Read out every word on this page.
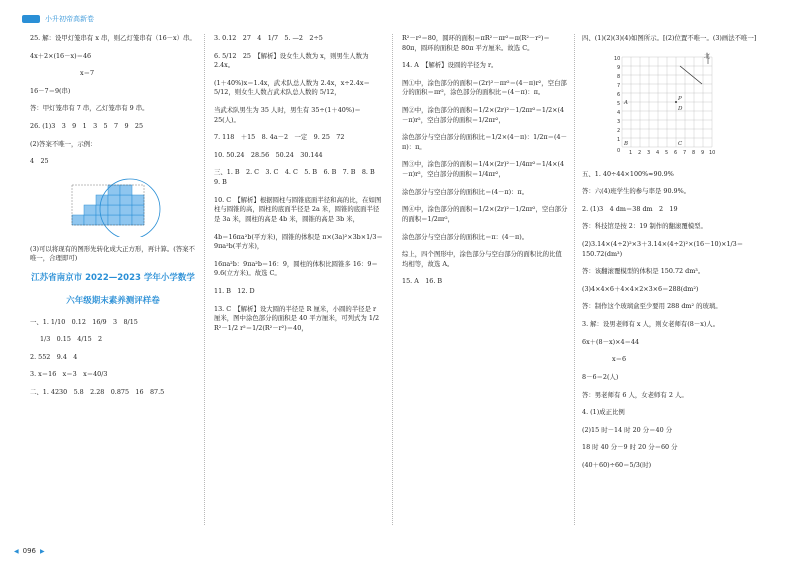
小升初帝高新卷

25. 解：设甲灯笼串有 x 串，则乙灯笼串有（16－x）串。

4x＋2×(16－x)＝46

x＝7

16－7＝9(串)

答：甲灯笼串有 7 串，乙灯笼串有 9 串。

26. (1)3　3　9　1　3　5　7　9　25

(2)答案不唯一，示例：

4　25

(3)可以将现有的图形先转化成大正方形，再计算。(答案不唯一，合理即可)

江苏省南京市 2022—2023 学年小学数学

六年级期末素养测评样卷

一、1. 1/10　0.12　16/9　3　8/15

1/3　0.15　4/15　2

2. 552　9.4　4

3. x＝16　x＝3　x＝40/3

二、1. 4230　5.8　2.28　0.875　16　87.5

3. 0.12　27　4　1/7　5. —2　2÷5

6. 5/12　25　【解析】设女生人数为 x，则男生人数为 2.4x。

(1＋40%)x＝1.4x，武术队总人数为 2.4x，x÷2.4x＝5/12，则女生人数占武术队总人数的 5/12，

当武术队男生为 35 人时，男生有 35÷(1＋40%)＝25(人)。

7. 118　＋15　8. 4a－2　一定　9. 25　72

10. 50.24　28.56　50.24　30.144

三、1. B　2. C　3. C　4. C　5. B　6. B　7. B　8. B　9. B

10. C　【解析】根据圆柱与圆锥底面半径和高的比，在如图柱与圆锥的高，圆柱的底面半径是 2a 米，圆锥的底面半径是 3a 米，圆柱的高是 4b 米，圆锥的高是 3b 米，

4b＝16πa²b(平方米)，圆锥的体积是 π×(3a)²×3b×1/3＝9πa²b(平方米)，

16πa²b：9πa²b＝16：9，圆柱的体积比圆锥多 16：9＝9.6(立方米)。故选 C。

11. B　12. D

13. C　【解析】设大圆的半径是 R 厘米，小圆的半径是 r 厘米，图中涂色部分的面积是 40 平方厘米，可列式为 1/2 R²－1/2 r²＝1/2(R²－r²)＝40，

R²－r²＝80，圆环的面积＝πR²－πr²＝π(R²－r²)＝80π，圆环的面积是 80π 平方厘米。故选 C。

14. A　【解析】设圆的半径为 r。

图①中，涂色部分的面积＝(2r)²－πr²＝(4－π)r²，空白部分的面积＝πr²，涂色部分的面积比＝(4－π)：π。

图②中，涂色部分的面积＝1/2×(2r)²－1/2πr²＝1/2×(4－π)r²，空白部分的面积＝1/2πr²，

涂色部分与空白部分的面积比＝1/2×(4－π)：1/2π＝(4－π)：π。

图③中，涂色部分的面积＝1/4×(2r)²－1/4πr²＝1/4×(4－π)r²，空白部分的面积＝1/4πr²，

涂色部分与空白部分的面积比＝(4－π)：π。

图④中，涂色部分的面积＝1/2×(2r)²－1/2πr²，空白部分的面积＝1/2πr²，

涂色部分与空白部分的面积比＝π：(4－π)。

综上，四个图形中，涂色部分与空白部分的面积比的比值均相等，故选 A。

15. A　16. B

四、(1)(2)(3)(4)如图所示。[(2)位置不唯一。(3)画法不唯一]

10
9
8
7
6
5
4
3
2
1
0 1 2 3 4 5 6 7 8 9 10
北
A
B	C
D
P

五、1. 40÷44×100%≈90.9%

答：六(4)班学生的参与率是 90.9%。

2. (1)3　4 dm＝38 dm　2　19

答：科技馆是按 2：19 制作的翻滚覆模型。

(2)3.14×(4÷2)²×3＋3.14×(4÷2)²×(16－10)×1/3＝150.72(dm³)

答：该翻滚覆模型的体积是 150.72 dm³。

(3)4×4×6＋4×4×2×3×6＝288(dm²)

答：制作这个玻璃盒至少要用 288 dm² 的玻璃。

3. 解：设男老师有 x 人，则女老师有(8－x)人。

6x＋(8－x)×4＝44

x＝6

8－6＝2(人)

答：男老师有 6 人，女老师有 2 人。

4. (1)成正比例

(2)15 时－14 时 20 分＝40 分

18 时 40 分－9 时 20 分＝60 分

(40＋60)÷60＝5/3(时)

◀ 096 ▶
